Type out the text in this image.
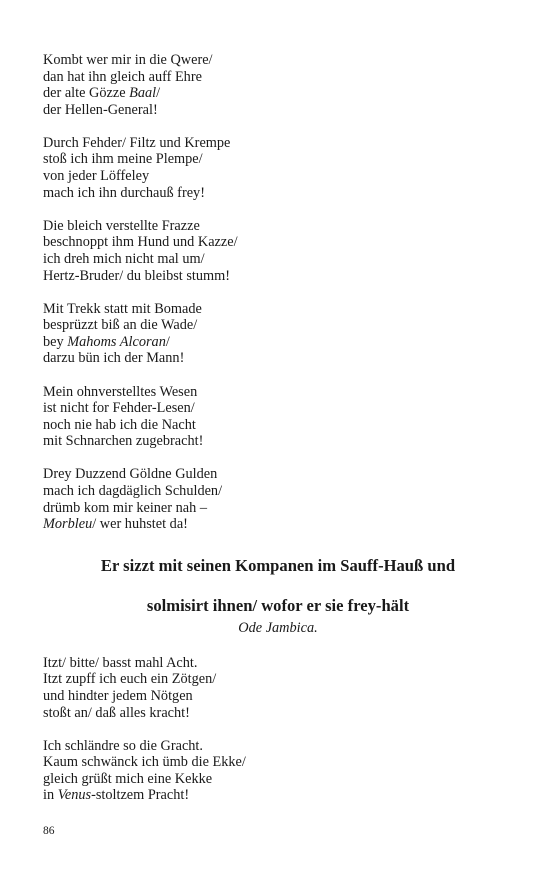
Kombt wer mir in die Qwere/
dan hat ihn gleich auff Ehre
der alte Gözze Baal/
der Hellen-General!
Durch Fehder/ Filtz und Krempe
stoß ich ihm meine Plempe/
von jeder Löffeley
mach ich ihn durchauß frey!
Die bleich verstellte Frazze
beschnoppt ihm Hund und Kazze/
ich dreh mich nicht mal um/
Hertz-Bruder/ du bleibst stumm!
Mit Trekk statt mit Bomade
besprüzzt biß an die Wade/
bey Mahoms Alcoran/
darzu bün ich der Mann!
Mein ohnverstelltes Wesen
ist nicht for Fehder-Lesen/
noch nie hab ich die Nacht
mit Schnarchen zugebracht!
Drey Duzzend Göldne Gulden
mach ich dagdäglich Schulden/
drümb kom mir keiner nah –
Morbleu/ wer huhstet da!
Er sizzt mit seinen Kompanen im Sauff-Hauß und
solmisirt ihnen/ wofor er sie frey-hält
Ode Jambica.
Itzt/ bitte/ basst mahl Acht.
Itzt zupff ich euch ein Zötgen/
und hindter jedem Nötgen
stoßt an/ daß alles kracht!
Ich schländre so die Gracht.
Kaum schwänck ich ümb die Ekke/
gleich grüßt mich eine Kekke
in Venus-stoltzem Pracht!
86
